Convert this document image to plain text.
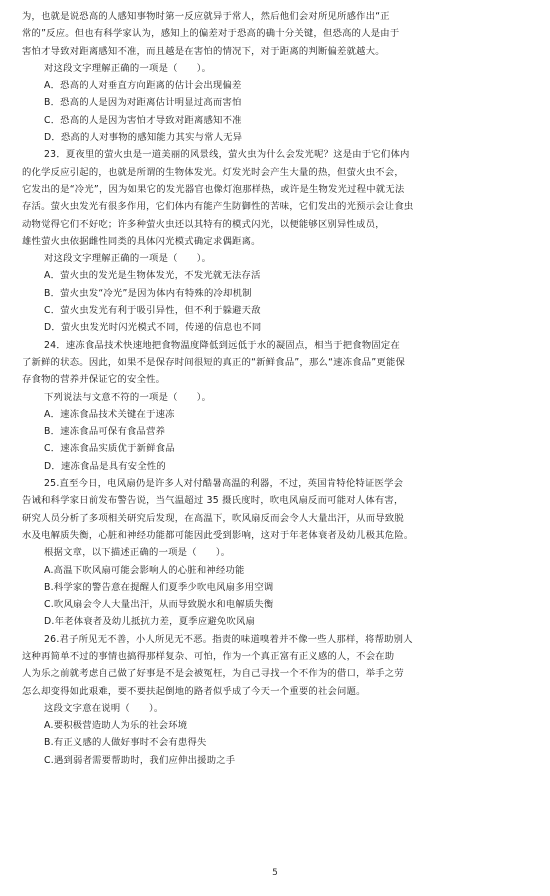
为，也就是说恐高的人感知事物时第一反应就异于常人，然后他们会对所见所感作出“正
常的”反应。但也有科学家认为，感知上的偏差对于恐高的确十分关键，但恐高的人是由于
害怕才导致对距离感知不准，而且越是在害怕的情况下，对于距离的判断偏差就越大。
对这段文字理解正确的一项是（　　）。
A．恐高的人对垂直方向距离的估计会出现偏差
B．恐高的人是因为对距离估计明显过高而害怕
C．恐高的人是因为害怕才导致对距离感知不准
D．恐高的人对事物的感知能力其实与常人无异
23．夏夜里的萤火虫是一道美丽的风景线，萤火虫为什么会发光呢？这是由于它们体内
的化学反应引起的，也就是所谓的生物体发光。灯发光时会产生大量的热，但萤火虫不会，
它发出的是“冷光”，因为如果它的发光器官也像灯泡那样热，或许是生物发光过程中就无法
存活。萤火虫发光有很多作用，它们体内有能产生防御性的苦味，它们发出的光预示会让食虫
动物觉得它们不好吃；许多种萤火虫还以其特有的模式闪光，以便能够区别异性成员，
雄性萤火虫依据雌性同类的具体闪光模式确定求偶距离。
对这段文字理解正确的一项是（　　）。
A．萤火虫的发光是生物体发光，不发光就无法存活
B．萤火虫发“冷光”是因为体内有特殊的冷却机制
C．萤火虫发光有利于吸引异性，但不利于躲避天敌
D．萤火虫发光时闪光模式不同，传递的信息也不同
24．速冻食品技术快速地把食物温度降低到远低于水的凝固点，相当于把食物固定在
了新鲜的状态。因此，如果不是保存时间很短的真正的“新鲜食品”，那么“速冻食品”更能保
存食物的营养并保证它的安全性。
下列说法与文意不符的一项是（　　）。
A．速冻食品技术关键在于速冻
B．速冻食品可保有食品营养
C．速冻食品实质优于新鲜食品
D．速冻食品是具有安全性的
25.直至今日，电风扇仍是许多人对付酷暑高温的利器，不过，英国肯特伦特证医学会
告诫和科学家日前发布警告说，当气温超过 35 摄氏度时，吹电风扇反而可能对人体有害，
研究人员分析了多项相关研究后发现，在高温下，吹风扇反而会令人大量出汗，从而导致脱
水及电解质失衡，心脏和神经功能都可能因此受到影响，这对于年老体衰者及幼儿极其危险。
根据文章，以下描述正确的一项是（　　）。
A.高温下吹风扇可能会影响人的心脏和神经功能
B.科学家的警告意在提醒人们夏季少吹电风扇多用空调
C.吹风扇会令人大量出汗，从而导致脱水和电解质失衡
D.年老体衰者及幼儿抵抗力差，夏季应避免吹风扇
26.君子所见无不善，小人所见无不恶。指责的味道嗅着并不像一些人那样，将帮助别人
这种再简单不过的事情也搞得那样复杂、可怕，作为一个真正富有正义感的人，不会在助
人为乐之前就考虑自己做了好事是不是会被冤枉，为自己寻找一个不作为的借口，举手之劳
怎么却变得如此艰难，要不要扶起倒地的路者似乎成了今天一个重要的社会问题。
这段文字意在说明（　　）。
A.要积极营造助人为乐的社会环境
B.有正义感的人做好事时不会有患得失
C.遇到弱者需要帮助时，我们应伸出援助之手
5
